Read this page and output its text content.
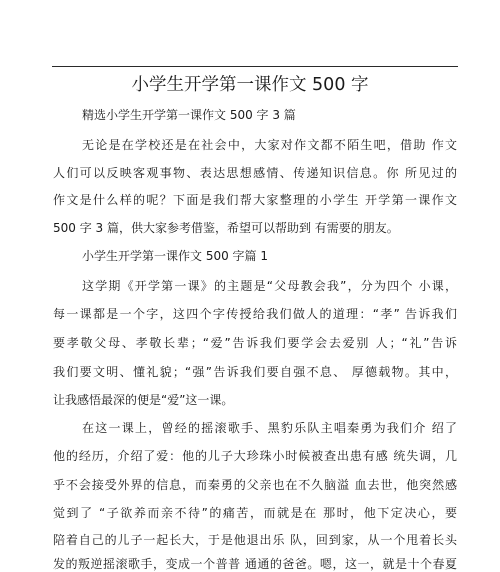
小学生开学第一课作文 500 字
精选小学生开学第一课作文 500 字 3 篇
无论是在学校还是在社会中，大家对作文都不陌生吧，借助 作文
人们可以反映客观事物、表达思想感情、传递知识信息。你 所见过的
作文是什么样的呢？下面是我们帮大家整理的小学生 开学第一课作文
500 字 3 篇，供大家参考借鉴，希望可以帮助到 有需要的朋友。
小学生开学第一课作文 500 字篇 1
这学期《开学第一课》的主题是“父母教会我”，分为四个 小课，
每一课都是一个字，这四个字传授给我们做人的道理：“孝” 告诉我们
要孝敬父母、孝敬长辈；“爱”告诉我们要学会去爱别 人；“礼”告诉
我们要文明、懂礼貌；“强”告诉我们要自强不息、 厚德载物。其中，
让我感悟最深的便是“爱”这一课。
在这一课上，曾经的摇滚歌手、黑豹乐队主唱秦勇为我们介 绍了
他的经历，介绍了爱：他的儿子大珍珠小时候被查出患有感 统失调，几
乎不会接受外界的信息，而秦勇的父亲也在不久脑溢 血去世，他突然感
觉到了 “子欲养而亲不待”的痛苦，而就是在 那时，他下定决心，要
陪着自己的儿子一起长大，于是他退出乐 队，回到家，从一个甩着长头
发的叛逆摇滚歌手，变成一个普普 通通的爸爸。嗯，这一，就是十个春夏
